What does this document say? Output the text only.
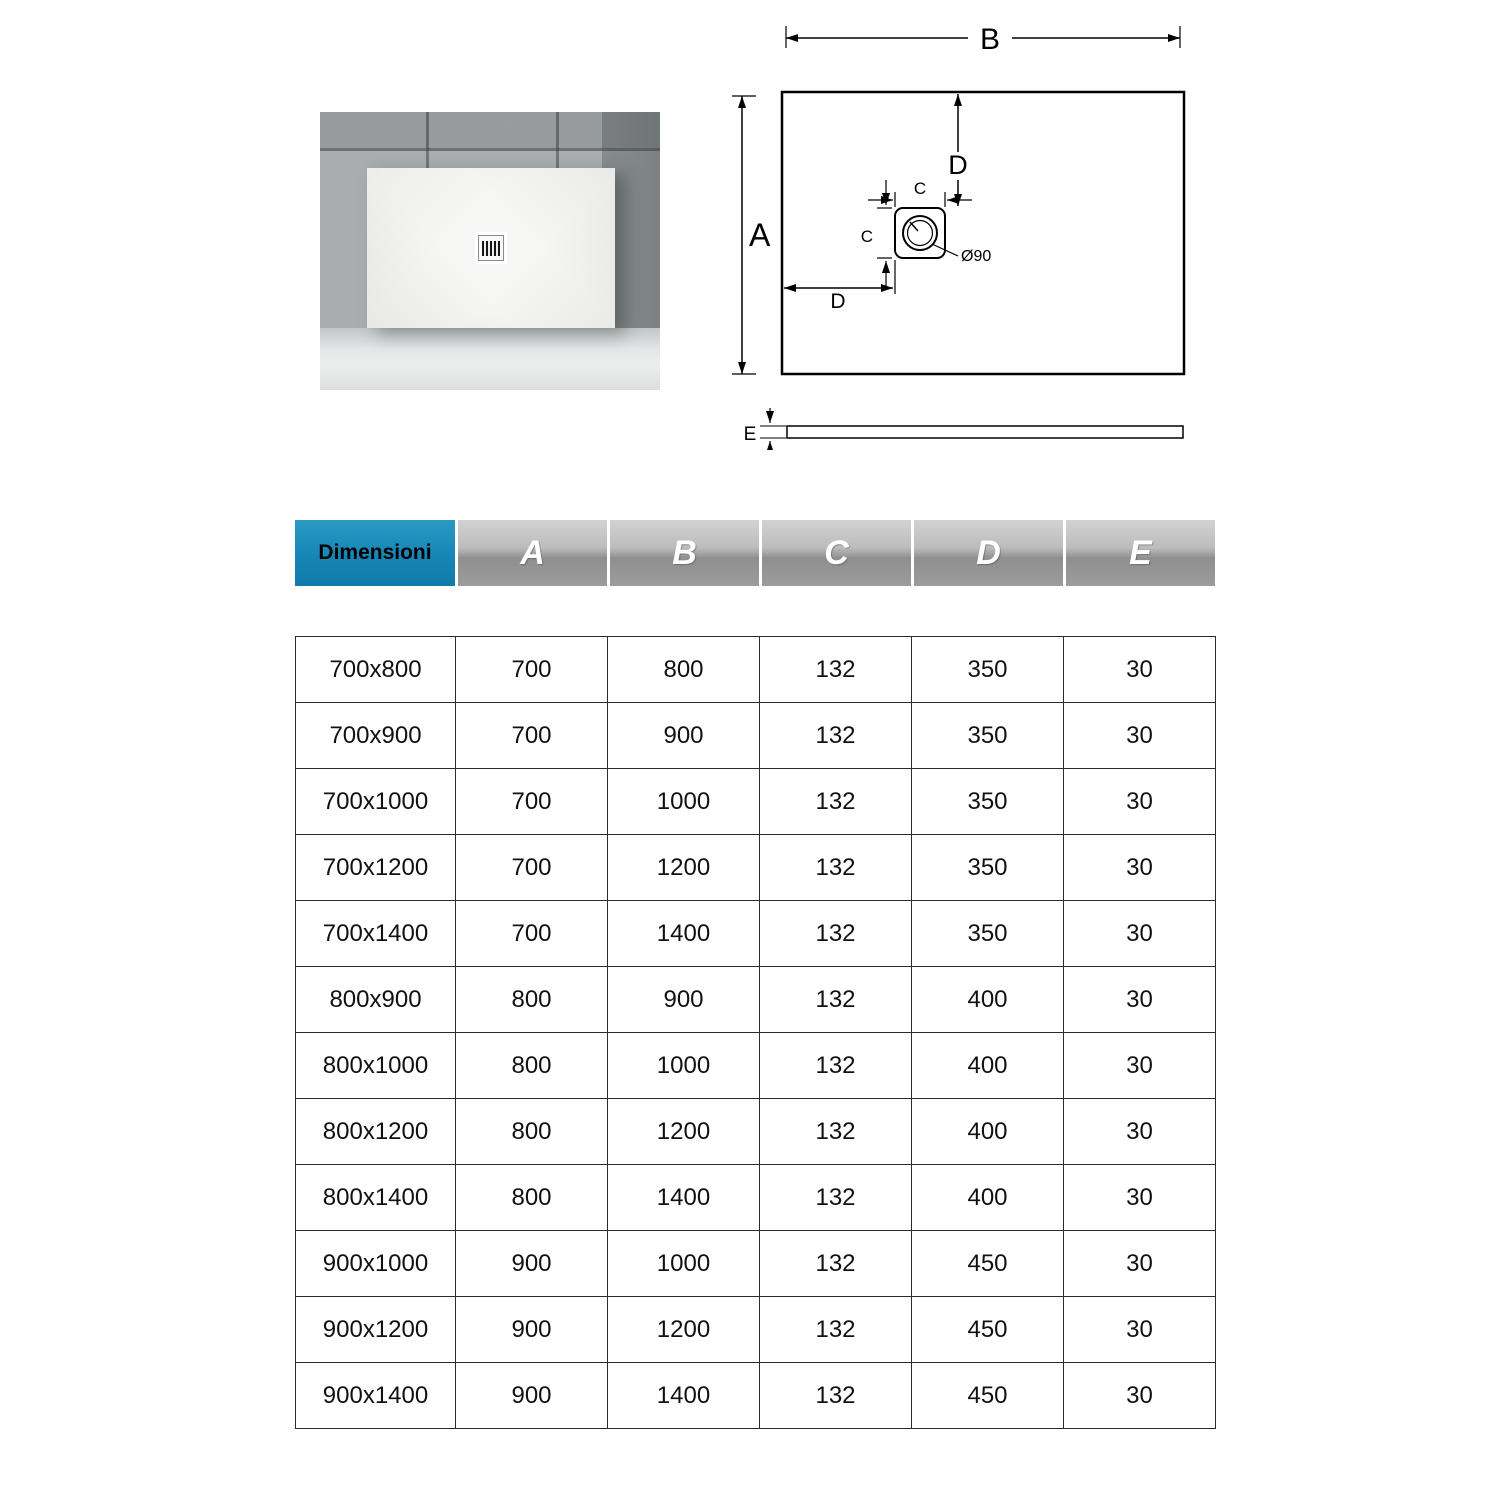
B
A
D
C
C
Ø90
D
E
Dimensioni	A	B	C	D	E
700x800	700	800	132	350	30
700x900	700	900	132	350	30
700x1000	700	1000	132	350	30
700x1200	700	1200	132	350	30
700x1400	700	1400	132	350	30
800x900	800	900	132	400	30
800x1000	800	1000	132	400	30
800x1200	800	1200	132	400	30
800x1400	800	1400	132	400	30
900x1000	900	1000	132	450	30
900x1200	900	1200	132	450	30
900x1400	900	1400	132	450	30
